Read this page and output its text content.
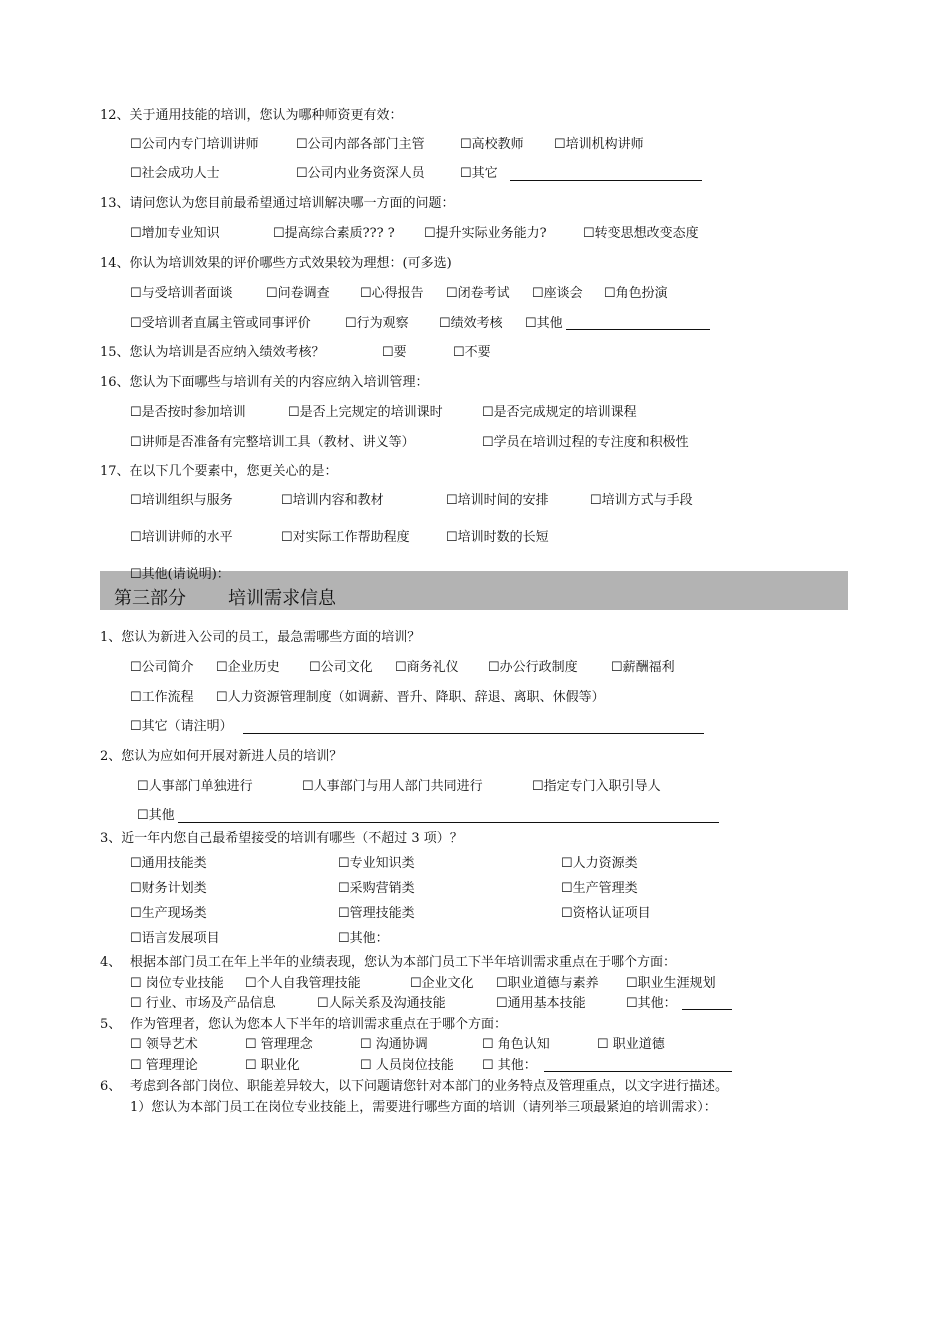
12、关于通用技能的培训，您认为哪种师资更有效：
☐公司内专门培训讲师	☐公司内部各部门主管	☐高校教师 ☐培训机构讲师
☐社会成功人士	☐公司内业务资深人员	☐其它
13、请问您认为您目前最希望通过培训解决哪一方面的问题：
☐增加专业知识	☐提高综合素质??? ? ☐提升实际业务能力?	☐转变思想改变态度
14、你认为培训效果的评价哪些方式效果较为理想：(可多选)
☐与受培训者面谈	☐问卷调查 ☐心得报告 ☐闭卷考试 ☐座谈会 ☐角色扮演
☐受培训者直属主管或同事评价	☐行为观察 ☐绩效考核 ☐其他
15、您认为培训是否应纳入绩效考核？	☐要	☐不要
16、您认为下面哪些与培训有关的内容应纳入培训管理：
☐是否按时参加培训	☐是否上完规定的培训课时	☐是否完成规定的培训课程
☐讲师是否准备有完整培训工具（教材、讲义等）	☐学员在培训过程的专注度和积极性
17、在以下几个要素中，您更关心的是：
☐培训组织与服务	☐培训内容和教材	☐培训时间的安排	☐培训方式与手段
☐培训讲师的水平	☐对实际工作帮助程度	☐培训时数的长短
☐其他(请说明)：
第三部分 培训需求信息
1、您认为新进入公司的员工，最急需哪些方面的培训？
☐公司简介 ☐企业历史 ☐公司文化 ☐商务礼仪 ☐办公行政制度	☐薪酬福利
☐工作流程 ☐人力资源管理制度（如调薪、晋升、降职、辞退、离职、休假等）
☐其它（请注明）
2、您认为应如何开展对新进人员的培训？
☐人事部门单独进行	☐人事部门与用人部门共同进行	☐指定专门入职引导人
☐其他
3、近一年内您自己最希望接受的培训有哪些（不超过 3 项）？
☐通用技能类	☐专业知识类	☐人力资源类
☐财务计划类	☐采购营销类	☐生产管理类
☐生产现场类	☐管理技能类	☐资格认证项目
☐语言发展项目	☐其他：
4、 根据本部门员工在年上半年的业绩表现，您认为本部门员工下半年培训需求重点在于哪个方面：
☐ 岗位专业技能 ☐个人自我管理技能	☐企业文化 ☐职业道德与素养 ☐职业生涯规划
☐ 行业、市场及产品信息	☐人际关系及沟通技能	☐通用基本技能	☐其他：
5、 作为管理者，您认为您本人下半年的培训需求重点在于哪个方面：
☐ 领导艺术	☐ 管理理念	☐ 沟通协调	☐ 角色认知	☐ 职业道德
☐ 管理理论	☐ 职业化	☐ 人员岗位技能 ☐ 其他：
6、 考虑到各部门岗位、职能差异较大，以下问题请您针对本部门的业务特点及管理重点，以文字进行描述。
1）您认为本部门员工在岗位专业技能上，需要进行哪些方面的培训（请列举三项最紧迫的培训需求）：
